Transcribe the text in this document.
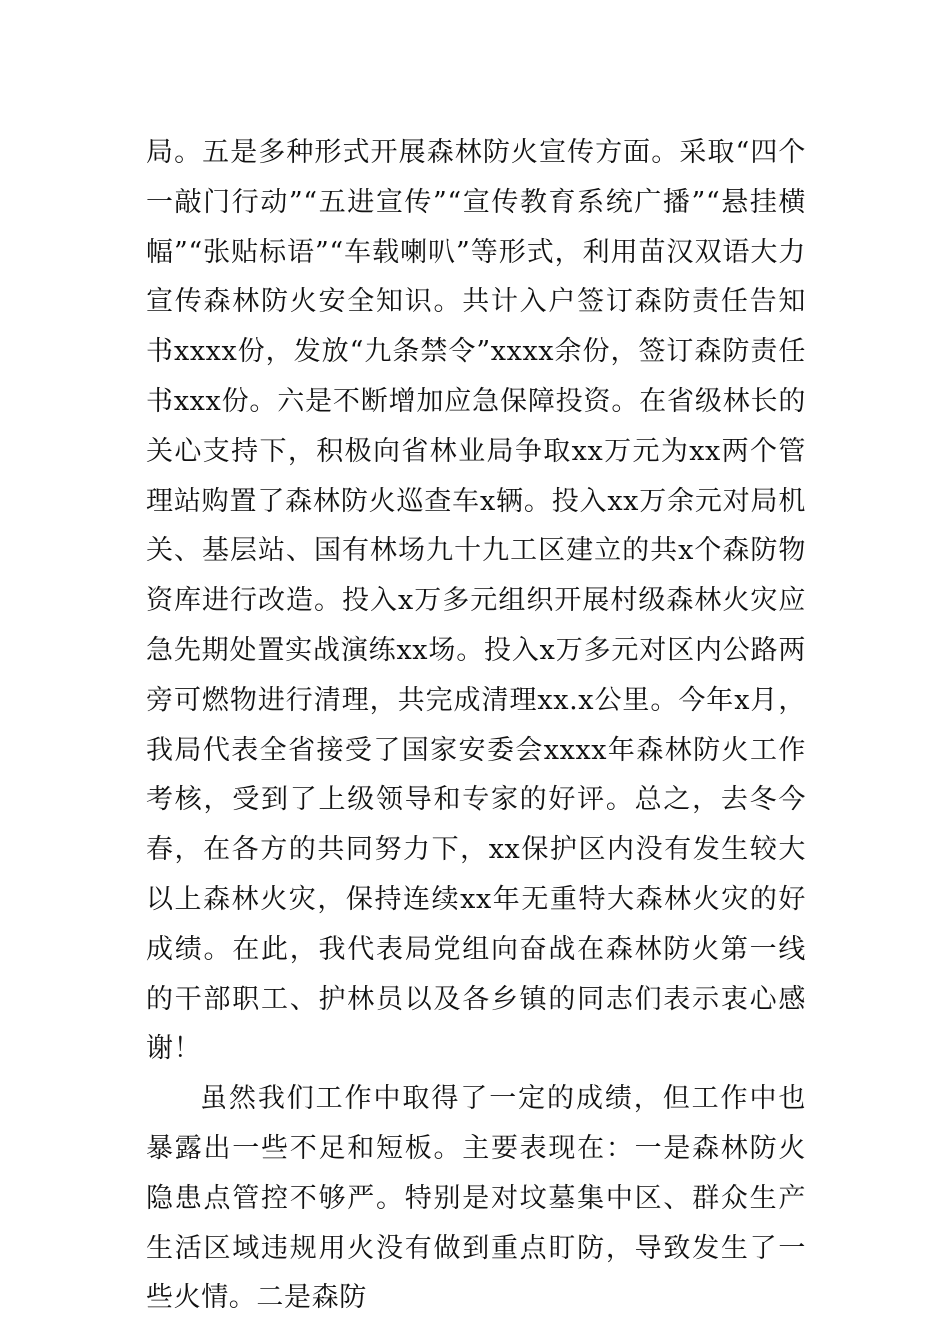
局。五是多种形式开展森林防火宣传方面。采取“四个一敲门行动”“五进宣传”“宣传教育系统广播”“悬挂横幅”“张贴标语”“车载喇叭”等形式，利用苗汉双语大力宣传森林防火安全知识。共计入户签订森防责任告知书xxxx份，发放“九条禁令”xxxx余份，签订森防责任书xxx份。六是不断增加应急保障投资。在省级林长的关心支持下，积极向省林业局争取xx万元为xx两个管理站购置了森林防火巡查车x辆。投入xx万余元对局机关、基层站、国有林场九十九工区建立的共x个森防物资库进行改造。投入x万多元组织开展村级森林火灾应急先期处置实战演练xx场。投入x万多元对区内公路两旁可燃物进行清理，共完成清理xx.x公里。今年x月，我局代表全省接受了国家安委会xxxx年森林防火工作考核，受到了上级领导和专家的好评。总之，去冬今春，在各方的共同努力下，xx保护区内没有发生较大以上森林火灾，保持连续xx年无重特大森林火灾的好成绩。在此，我代表局党组向奋战在森林防火第一线的干部职工、护林员以及各乡镇的同志们表示衷心感谢！

虽然我们工作中取得了一定的成绩，但工作中也暴露出一些不足和短板。主要表现在：一是森林防火隐患点管控不够严。特别是对坟墓集中区、群众生产生活区域违规用火没有做到重点盯防，导致发生了一些火情。二是森防
